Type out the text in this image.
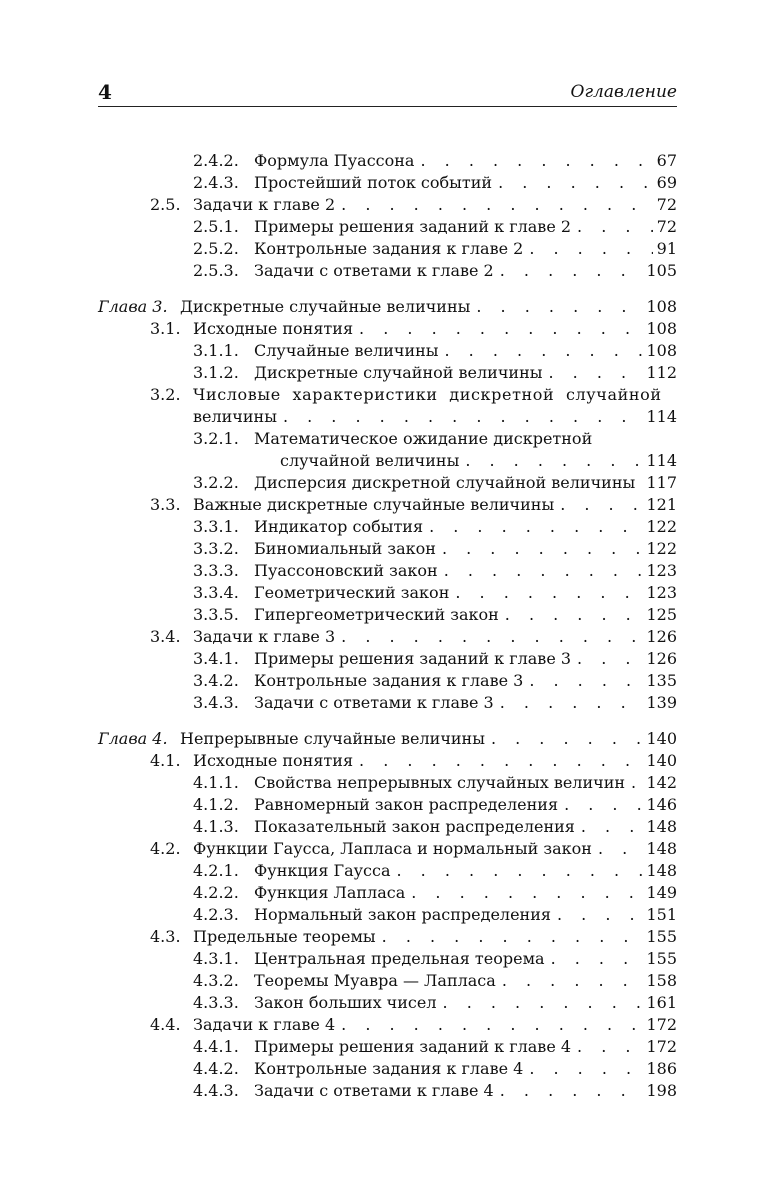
4	Оглавление
2.4.2. Формула Пуассона . . .	67
2.4.3. Простейший поток событий . . .	69
2.5. Задачи к главе 2 . . .	72
2.5.1. Примеры решения заданий к главе 2 . . .	72
2.5.2. Контрольные задания к главе 2 . . .	91
2.5.3. Задачи с ответами к главе 2 . . .	105
Глава 3. Дискретные случайные величины . . .	108
3.1. Исходные понятия . . .	108
3.1.1. Случайные величины . . .	108
3.1.2. Дискретные случайной величины . . .	112
3.2. Числовые характеристики дискретной случайной
величины . . .	114
3.2.1. Математическое ожидание дискретной
случайной величины . . .	114
3.2.2. Дисперсия дискретной случайной величины . . . 117
3.3. Важные дискретные случайные величины . . .	121
3.3.1. Индикатор события . . .	122
3.3.2. Биномиальный закон . . .	122
3.3.3. Пуассоновский закон . . .	123
3.3.4. Геометрический закон . . .	123
3.3.5. Гипергеометрический закон . . .	125
3.4. Задачи к главе 3 . . .	126
3.4.1. Примеры решения заданий к главе 3 . . .	126
3.4.2. Контрольные задания к главе 3 . . .	135
3.4.3. Задачи с ответами к главе 3 . . .	139
Глава 4. Непрерывные случайные величины . . .	140
4.1. Исходные понятия . . .	140
4.1.1. Свойства непрерывных случайных величин . . .	142
4.1.2. Равномерный закон распределения . . .	146
4.1.3. Показательный закон распределения . . .	148
4.2. Функции Гаусса, Лапласа и нормальный закон . . .	148
4.2.1. Функция Гаусса . . .	148
4.2.2. Функция Лапласа . . .	149
4.2.3. Нормальный закон распределения . . .	151
4.3. Предельные теоремы . . .	155
4.3.1. Центральная предельная теорема . . .	155
4.3.2. Теоремы Муавра — Лапласа . . .	158
4.3.3. Закон больших чисел . . .	161
4.4. Задачи к главе 4 . . .	172
4.4.1. Примеры решения заданий к главе 4 . . .	172
4.4.2. Контрольные задания к главе 4 . . .	186
4.4.3. Задачи с ответами к главе 4 . . .	198
